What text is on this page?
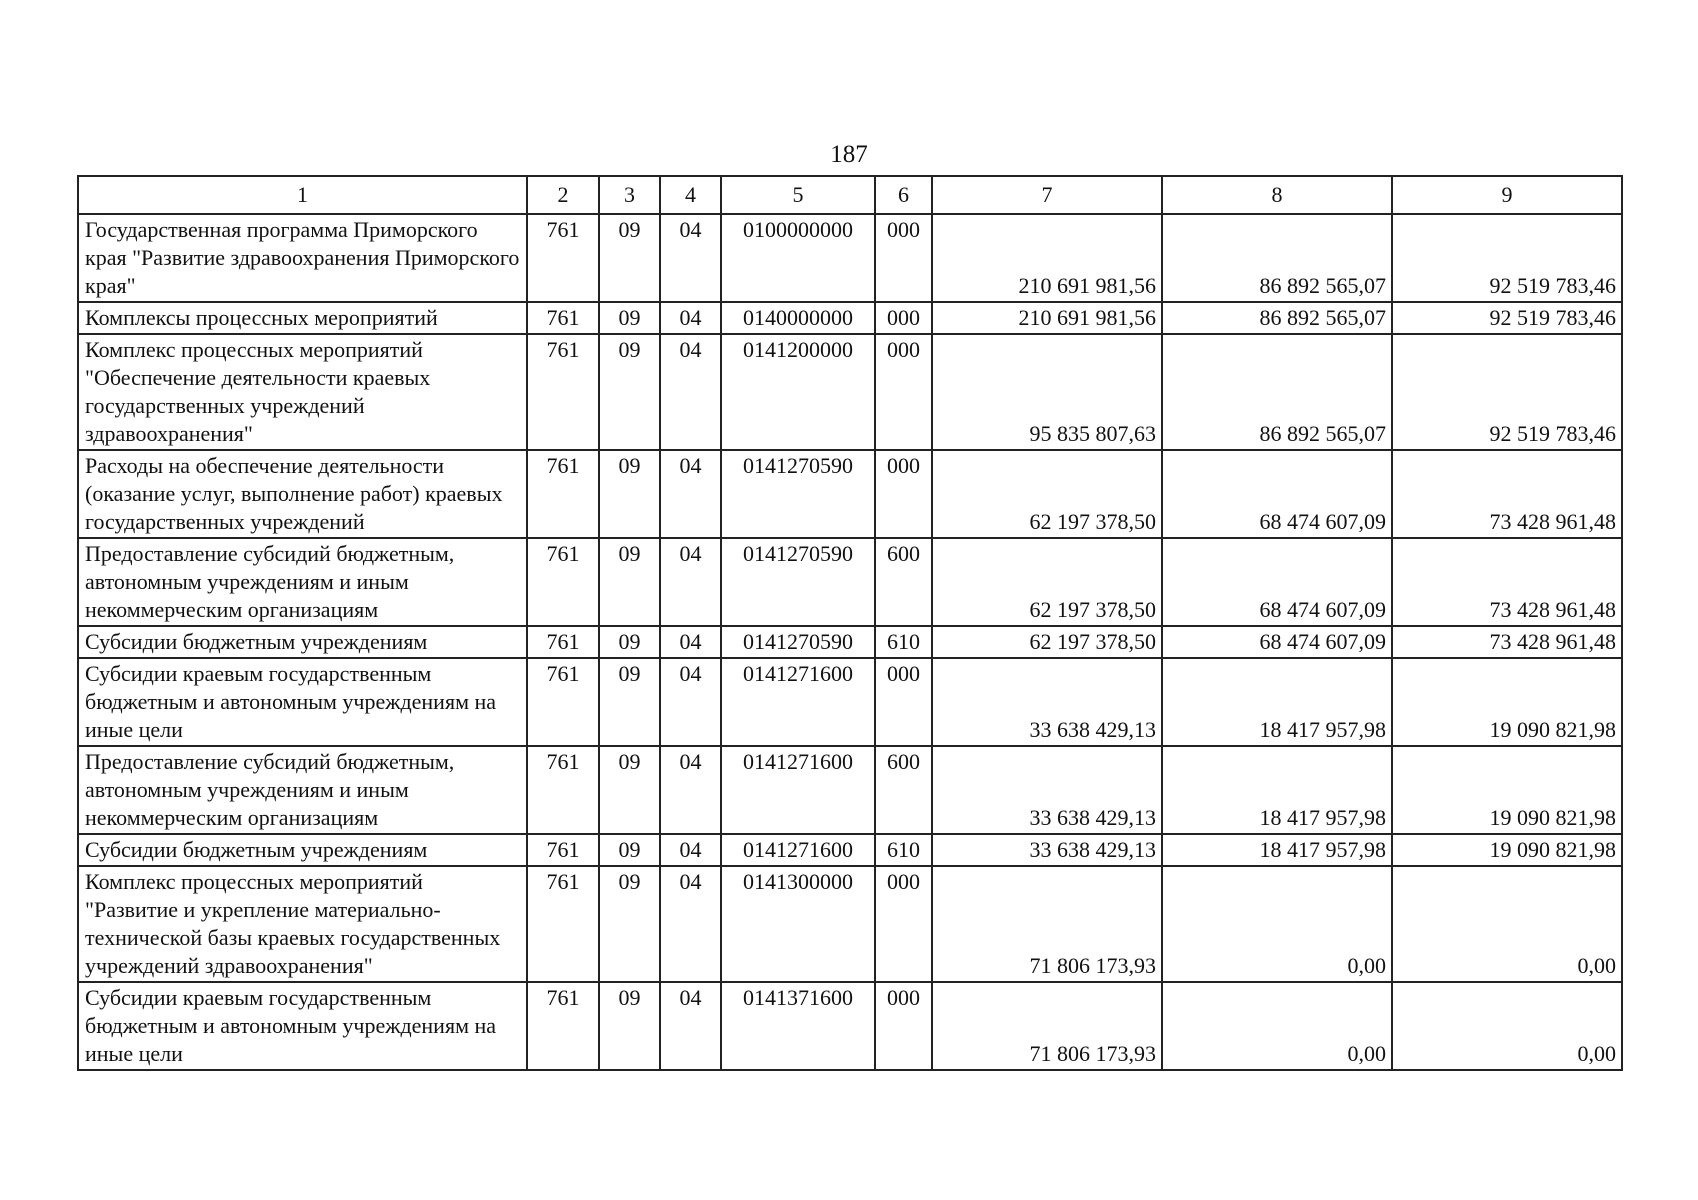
187
1	2	3	4	5	6	7	8	9
Государственная программа Приморского края "Развитие здравоохранения Приморского края"	761	09	04	0100000000	000	210 691 981,56	86 892 565,07	92 519 783,46
Комплексы процессных мероприятий	761	09	04	0140000000	000	210 691 981,56	86 892 565,07	92 519 783,46
Комплекс процессных мероприятий "Обеспечение деятельности краевых государственных учреждений здравоохранения"	761	09	04	0141200000	000	95 835 807,63	86 892 565,07	92 519 783,46
Расходы на обеспечение деятельности (оказание услуг, выполнение работ) краевых государственных учреждений	761	09	04	0141270590	000	62 197 378,50	68 474 607,09	73 428 961,48
Предоставление субсидий бюджетным, автономным учреждениям и иным некоммерческим организациям	761	09	04	0141270590	600	62 197 378,50	68 474 607,09	73 428 961,48
Субсидии бюджетным учреждениям	761	09	04	0141270590	610	62 197 378,50	68 474 607,09	73 428 961,48
Субсидии краевым государственным бюджетным и автономным учреждениям на иные цели	761	09	04	0141271600	000	33 638 429,13	18 417 957,98	19 090 821,98
Предоставление субсидий бюджетным, автономным учреждениям и иным некоммерческим организациям	761	09	04	0141271600	600	33 638 429,13	18 417 957,98	19 090 821,98
Субсидии бюджетным учреждениям	761	09	04	0141271600	610	33 638 429,13	18 417 957,98	19 090 821,98
Комплекс процессных мероприятий "Развитие и укрепление материально-технической базы краевых государственных учреждений здравоохранения"	761	09	04	0141300000	000	71 806 173,93	0,00	0,00
Субсидии краевым государственным бюджетным и автономным учреждениям на иные цели	761	09	04	0141371600	000	71 806 173,93	0,00	0,00
